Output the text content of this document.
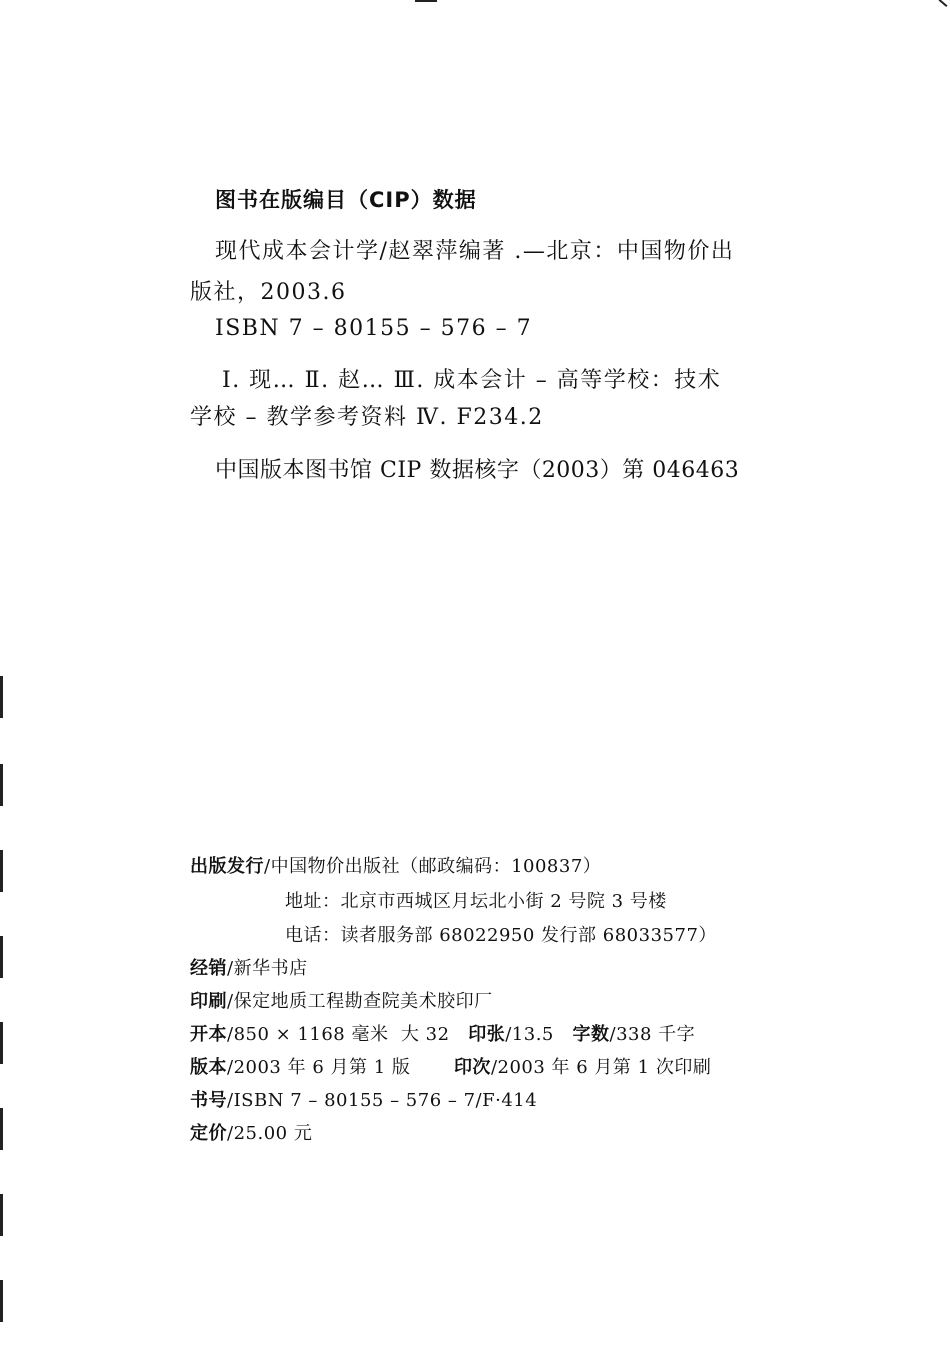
图书在版编目（CIP）数据
现代成本会计学/赵翠萍编著 .—北京：中国物价出
版社，2003.6
ISBN 7 – 80155 – 576 – 7
Ⅰ. 现… Ⅱ. 赵… Ⅲ. 成本会计 – 高等学校：技术
学校 – 教学参考资料 Ⅳ. F234.2
中国版本图书馆 CIP 数据核字（2003）第 046463
出版发行/中国物价出版社（邮政编码：100837）
地址：北京市西城区月坛北小街 2 号院 3 号楼
电话：读者服务部 68022950 发行部 68033577）
经销/新华书店
印刷/保定地质工程勘查院美术胶印厂
开本/850 × 1168 毫米  大 32   印张/13.5   字数/338 千字
版本/2003 年 6 月第 1 版       印次/2003 年 6 月第 1 次印刷
书号/ISBN 7 – 80155 – 576 – 7/F·414
定价/25.00 元
